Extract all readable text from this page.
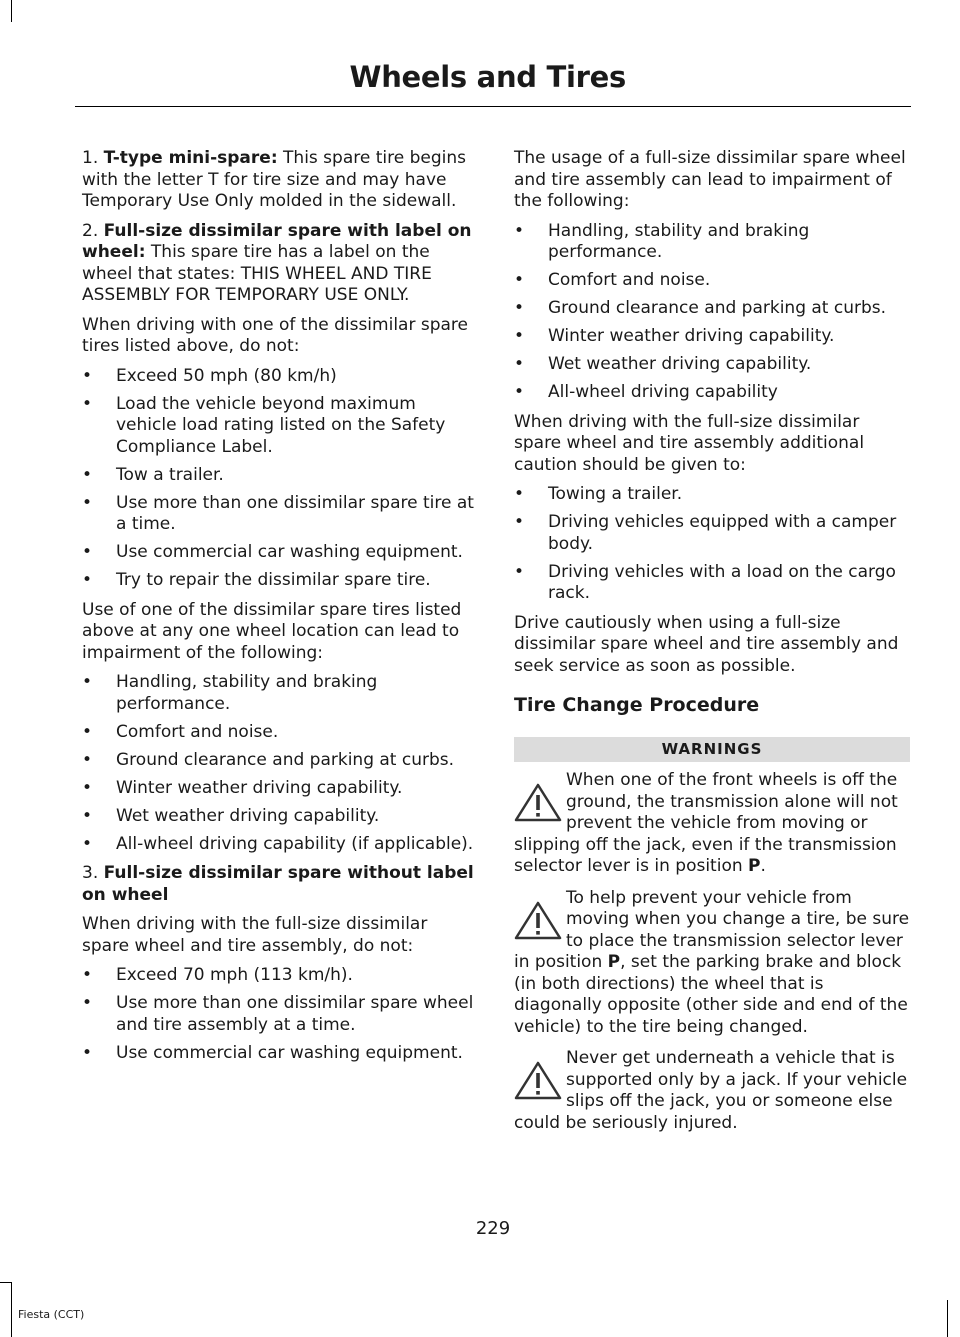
Wheels and Tires

1. T-type mini-spare: This spare tire begins with the letter T for tire size and may have Temporary Use Only molded in the sidewall.

2. Full-size dissimilar spare with label on wheel: This spare tire has a label on the wheel that states: THIS WHEEL AND TIRE ASSEMBLY FOR TEMPORARY USE ONLY.

When driving with one of the dissimilar spare tires listed above, do not:

• Exceed 50 mph (80 km/h)
• Load the vehicle beyond maximum vehicle load rating listed on the Safety Compliance Label.
• Tow a trailer.
• Use more than one dissimilar spare tire at a time.
• Use commercial car washing equipment.
• Try to repair the dissimilar spare tire.

Use of one of the dissimilar spare tires listed above at any one wheel location can lead to impairment of the following:

• Handling, stability and braking performance.
• Comfort and noise.
• Ground clearance and parking at curbs.
• Winter weather driving capability.
• Wet weather driving capability.
• All-wheel driving capability (if applicable).

3. Full-size dissimilar spare without label on wheel

When driving with the full-size dissimilar spare wheel and tire assembly, do not:

• Exceed 70 mph (113 km/h).
• Use more than one dissimilar spare wheel and tire assembly at a time.
• Use commercial car washing equipment.

The usage of a full-size dissimilar spare wheel and tire assembly can lead to impairment of the following:

• Handling, stability and braking performance.
• Comfort and noise.
• Ground clearance and parking at curbs.
• Winter weather driving capability.
• Wet weather driving capability.
• All-wheel driving capability

When driving with the full-size dissimilar spare wheel and tire assembly additional caution should be given to:

• Towing a trailer.
• Driving vehicles equipped with a camper body.
• Driving vehicles with a load on the cargo rack.

Drive cautiously when using a full-size dissimilar spare wheel and tire assembly and seek service as soon as possible.

Tire Change Procedure
WARNINGS
When one of the front wheels is off the ground, the transmission alone will not prevent the vehicle from moving or slipping off the jack, even if the transmission selector lever is in position P.
To help prevent your vehicle from moving when you change a tire, be sure to place the transmission selector lever in position P, set the parking brake and block (in both directions) the wheel that is diagonally opposite (other side and end of the vehicle) to the tire being changed.
Never get underneath a vehicle that is supported only by a jack. If your vehicle slips off the jack, you or someone else could be seriously injured.
229
Fiesta (CCT)
